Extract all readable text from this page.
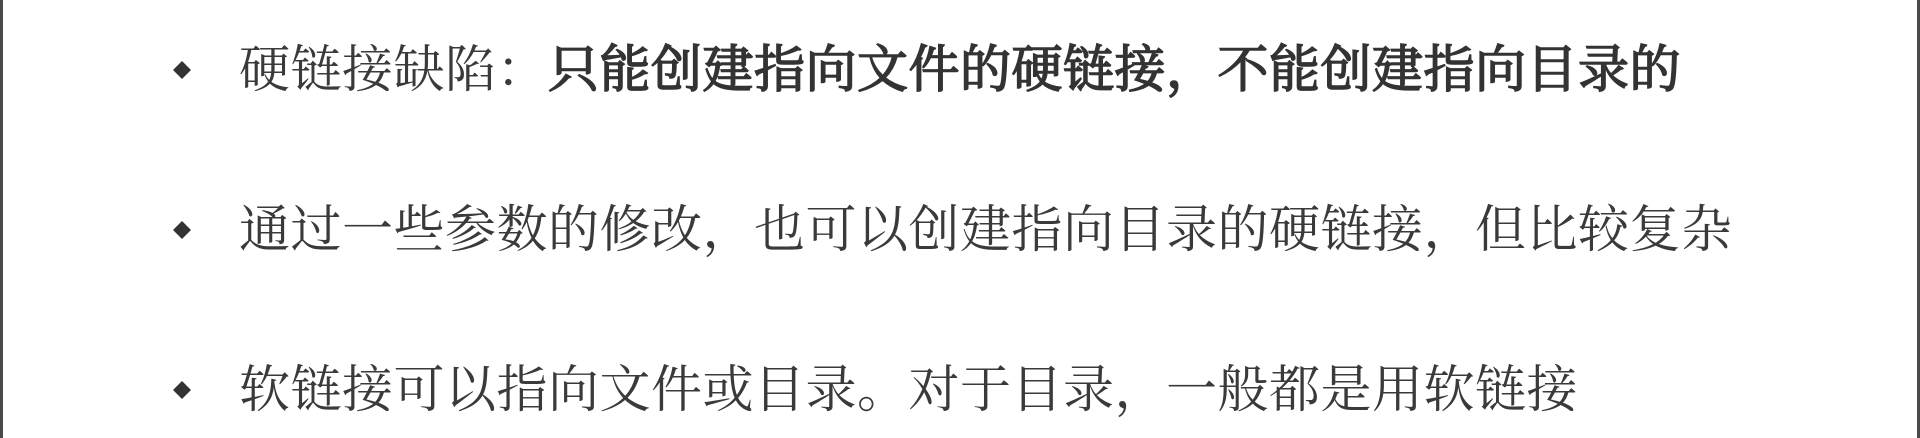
硬链接缺陷：只能创建指向文件的硬链接，不能创建指向目录的
通过一些参数的修改，也可以创建指向目录的硬链接，但比较复杂
软链接可以指向文件或目录。对于目录，一般都是用软链接
